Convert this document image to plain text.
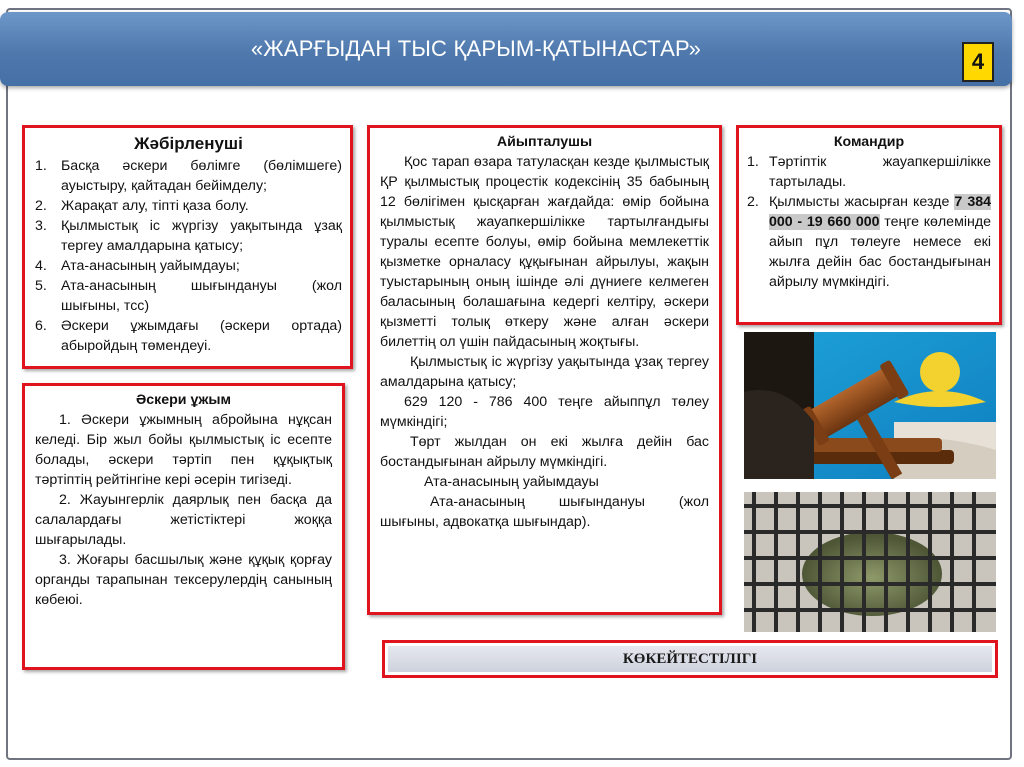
«ЖАРҒЫДАН ТЫС ҚАРЫМ-ҚАТЫНАСТАР»
4

Жәбірленуші

1. Басқа әскери бөлімге (бөлімшеге) ауыстыру, қайтадан бейімделу;
2. Жарақат алу, тіпті қаза болу.
3. Қылмыстық іс жүргізу уақытында ұзақ тергеу амалдарына қатысу;
4. Ата-анасының уайымдауы;
5. Ата-анасының шығындануы (жол шығыны, тсс)
6. Әскери ұжымдағы (әскери ортада) абыройдың төмендеуі.

Әскери ұжым

1. Әскери ұжымның абройына нұқсан келеді. Бір жыл бойы қылмыстық іс есепте болады, әскери тәртіп пен құқықтық тәртіптің рейтінгіне кері әсерін тигізеді.

2. Жауынгерлік даярлық пен басқа да салалардағы жетістіктері жоққа шығарылады.

3. Жоғары басшылық және құқық қорғау органды тарапынан тексерулердің санының көбеюі.

Айыпталушы

Қос тарап өзара татуласқан кезде қылмыстық ҚР қылмыстық процестік кодексінің 35 бабының 12 бөлігімен қысқарған жағдайда: өмір бойына қылмыстық жауапкершілікке тартылғандығы туралы есепте болуы, өмір бойына мемлекеттік қызметке орналасу құқығынан айрылуы, жақын туыстарының оның ішінде әлі дүниеге келмеген баласының болашағына кедергі келтіру, әскери қызметті толық өткеру және алған әскери билеттің ол үшін пайдасының жоқтығы.

Қылмыстық іс жүргізу уақытында ұзақ тергеу амалдарына қатысу;

629 120 - 786 400 теңге айыппұл төлеу мүмкіндігі;

Төрт жылдан он екі жылға дейін бас бостандығынан айрылу мүмкіндігі.

Ата-анасының уайымдауы

Ата-анасының шығындануы (жол шығыны, адвокатқа шығындар).

Командир

1. Тәртіптік жауапкершілікке тартылады.
2. Қылмысты жасырған кезде 7 384 000 - 19 660 000 теңге көлемінде айып пұл төлеуге немесе екі жылға дейін бас бостандығынан айрылу мүмкіндігі.
КӨКЕЙТЕСТІЛІГІ
